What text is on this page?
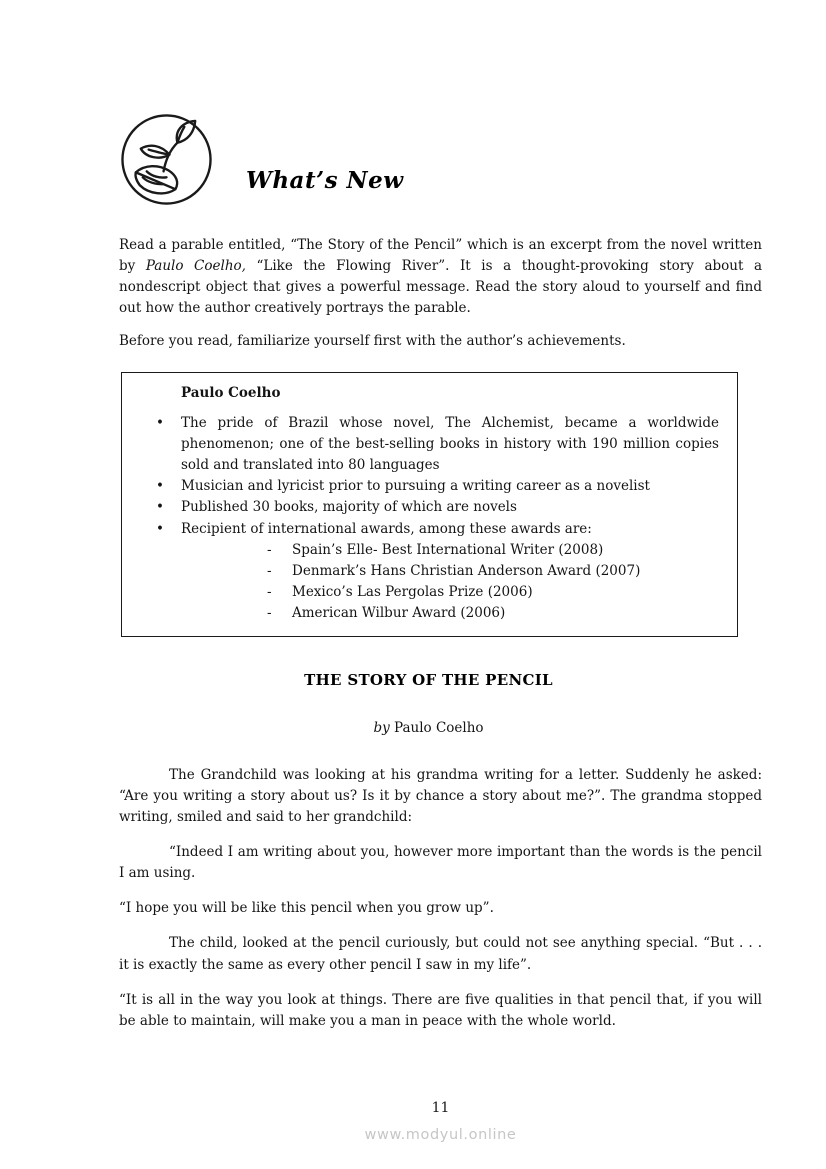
What’s New

Read a parable entitled, “The Story of the Pencil” which is an excerpt from the novel written by Paulo Coelho, “Like the Flowing River”. It is a thought-provoking story about a nondescript object that gives a powerful message. Read the story aloud to yourself and find out how the author creatively portrays the parable.

Before you read, familiarize yourself first with the author’s achievements.

Paulo Coelho
• The pride of Brazil whose novel, The Alchemist, became a worldwide phenomenon; one of the best-selling books in history with 190 million copies sold and translated into 80 languages
• Musician and lyricist prior to pursuing a writing career as a novelist
• Published 30 books, majority of which are novels
• Recipient of international awards, among these awards are:
- Spain’s Elle- Best International Writer (2008)
- Denmark’s Hans Christian Anderson Award (2007)
- Mexico’s Las Pergolas Prize (2006)
- American Wilbur Award (2006)
THE STORY OF THE PENCIL
by Paulo Coelho

The Grandchild was looking at his grandma writing for a letter. Suddenly he asked: “Are you writing a story about us? Is it by chance a story about me?”. The grandma stopped writing, smiled and said to her grandchild:

“Indeed I am writing about you, however more important than the words is the pencil I am using.

“I hope you will be like this pencil when you grow up”.

The child, looked at the pencil curiously, but could not see anything special. “But . . . it is exactly the same as every other pencil I saw in my life”.

“It is all in the way you look at things. There are five qualities in that pencil that, if you will be able to maintain, will make you a man in peace with the whole world.

11
www.modyul.online
